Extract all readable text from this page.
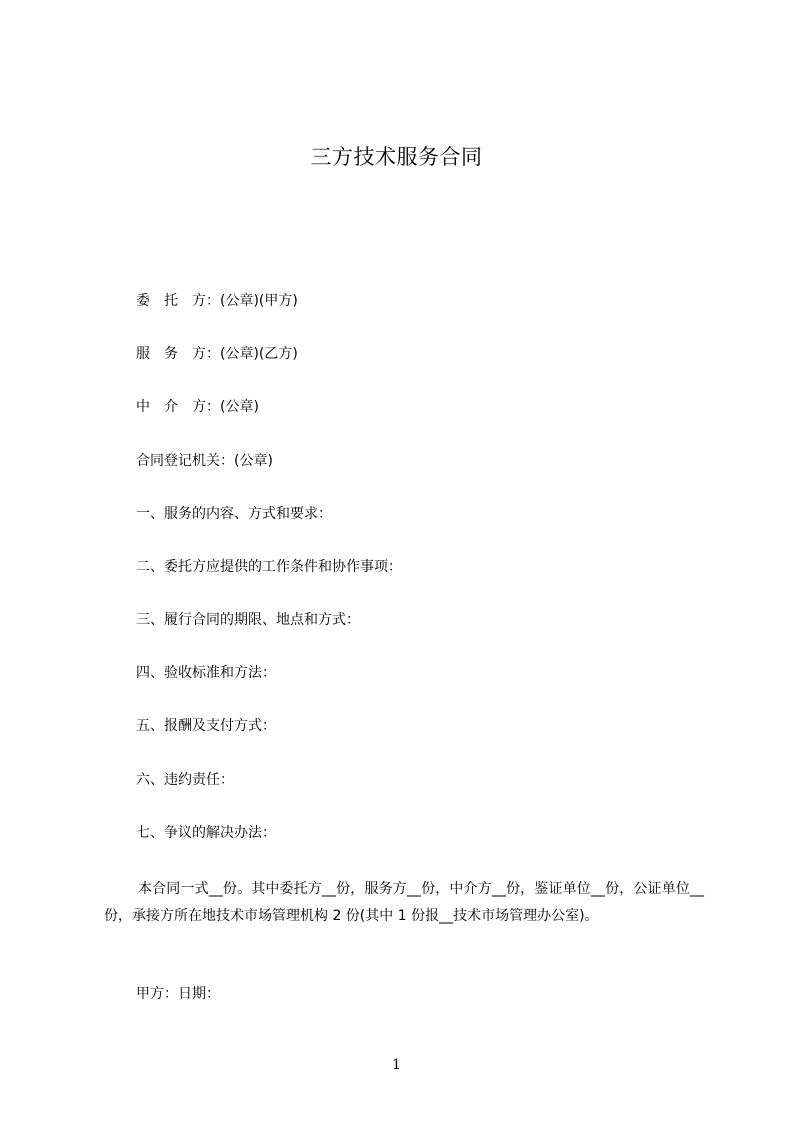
三方技术服务合同
委　托　方：(公章)(甲方)
服　务　方：(公章)(乙方)
中　介　方：(公章)
合同登记机关：(公章)
一、服务的内容、方式和要求：
二、委托方应提供的工作条件和协作事项：
三、履行合同的期限、地点和方式：
四、验收标准和方法：
五、报酬及支付方式：
六、违约责任：
七、争议的解决办法：
本合同一式__份。其中委托方__份，服务方__份，中介方__份，鉴证单位__份，公证单位__份，承接方所在地技术市场管理机构 2 份(其中 1 份报__技术市场管理办公室)。
甲方：日期：
1
